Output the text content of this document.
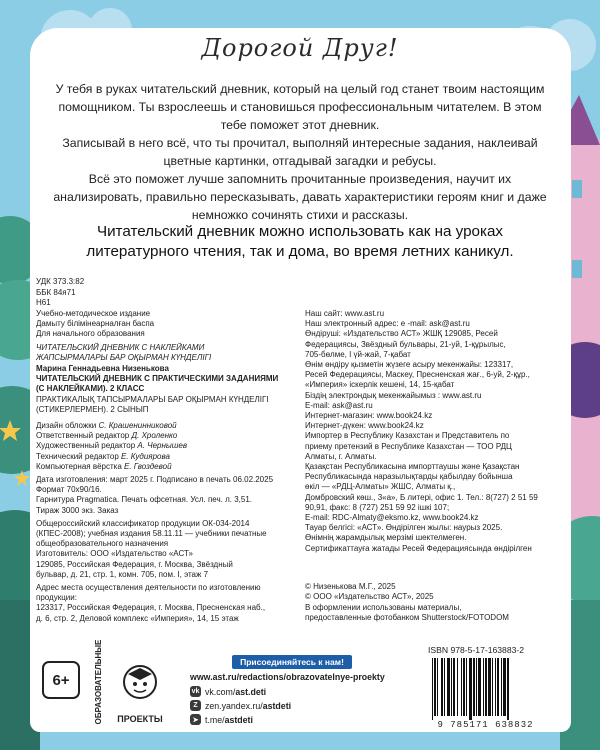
Дорогой Друг!

У тебя в руках читательский дневник, который на целый год станет твоим настоящим помощником. Ты взрослеешь и становишься профессиональным читателем. В этом тебе поможет этот дневник.

Записывай в него всё, что ты прочитал, выполняй интересные задания, наклеивай цветные картинки, отгадывай загадки и ребусы.

Всё это поможет лучше запомнить прочитанные произведения, научит их анализировать, правильно пересказывать, давать характеристики героям книг и даже немножко сочинять стихи и рассказы.

Читательский дневник можно использовать как на уроках литературного чтения, так и дома, во время летних каникул.
УДК 373.3:82
ББК 84я71
Н61

Учебно-методическое издание
Дамыту бiлiмiнеарналған баспа
Для начального образования

ЧИТАТЕЛЬСКИЙ ДНЕВНИК С НАКЛЕЙКАМИ
ЖАПСЫРМАЛАРЫ БАР ОҚЫРМАН КҮНДЕЛІГІ

Марина Геннадьевна Низенькова

ЧИТАТЕЛЬСКИЙ ДНЕВНИК С ПРАКТИЧЕСКИМИ ЗАДАНИЯМИ
(С НАКЛЕЙКАМИ). 2 КЛАСС

ПРАКТИКАЛЫҚ ТАПСЫРМАЛАРЫ БАР ОҚЫРМАН КҮНДЕЛІГІ
(СТИКЕРЛЕРМЕН). 2 СЫНЫП

Дизайн обложки С. Крашенинниковой
Ответственный редактор Д. Хроленко
Художественный редактор А. Чернышев
Технический редактор Е. Кудиярова
Компьютерная вёрстка Е. Гвоздевой

Дата изготовления: март 2025 г. Подписано в печать 06.02.2025
Формат 70х90/16.
Гарнитура Pragmatica. Печать офсетная. Усл. печ. л. 3,51.
Тираж 3000 экз. Заказ

Общероссийский классификатор продукции ОК-034-2014
(КПЕС-2008); учебная издания 58.11.11 — учебники печатные
общеобразовательного назначения
Изготовитель: ООО «Издательство «АСТ»
129085, Российская Федерация, г. Москва, Звёздный
бульвар, д. 21, стр. 1, комн. 705, пом. I, этаж 7

Адрес места осуществления деятельности по изготовлению
продукции:
123317, Российская Федерация, г. Москва, Пресненская наб.,
д. 6, стр. 2, Деловой комплекс «Империя», 14, 15 этаж

Наш сайт: www.ast.ru
Наш электронный адрес: e -mail: ask@ast.ru
Өндiрушi: «Издательство АСТ» ЖШҚ 129085, Ресей
Федерациясы, Звёздный бульвары, 21-уй, 1-құрылыс,
705-бөлме, I үй-жай, 7-қабат
Өнiм өндiру қызметiн жүзеге асыру мекенжайы: 123317,
Ресей Федерациясы, Маскеу, Пресненская жағ., 6-уй, 2-құр.,
«Империя» iскерлiк кешенi, 14, 15-қабат
Бiздiң электрондық мекенжайымыз : www.ast.ru
E-mail: ask@ast.ru
Интернет-магазин: www.book24.kz
Интернет-дүкен: www.book24.kz
Импортер в Республику Казахстан и Представитель по
приему претензий в Республике Казахстан — ТОО РДЦ
Алматы, г. Алматы.
Қазақстан Республикасына импорттаушы және Қазақстан
Республикасында наразылықтарды қабылдау бойынша
өкіл — «РДЦ-Алматы» ЖШС, Алматы қ.,
Домбровский көш., 3«а», Б литері, офис 1. Тел.: 8(727) 2 51 59
90,91, факс: 8 (727) 251 59 92 iшкi 107;
E-mail: RDC-Almaty@eksmo.kz, www.book24.kz
Тауар белгiсi: «АСТ». Өндiрiлген жылы: наурыз 2025.
Өнiмнiң жарамдылық мерзiмi шектелмеген.
Сертификаттауға жатады Ресей Федерациясында өндiрiлген

© Низенькова М.Г., 2025

© ООО «Издательство АСТ», 2025

В оформлении использованы материалы,

предоставленные фотобанком Shutterstock/FOTODOM

6+	ОБРАЗОВАТЕЛЬНЫЕ ПРОЕКТЫ
Присоединяйтесь к нам!
www.ast.ru/redactions/obrazovatelnye-proekty
vk vk.com/ast.deti
Z zen.yandex.ru/astdeti
➤ t.me/astdeti
ISBN 978-5-17-163883-2
9 785171 638832
